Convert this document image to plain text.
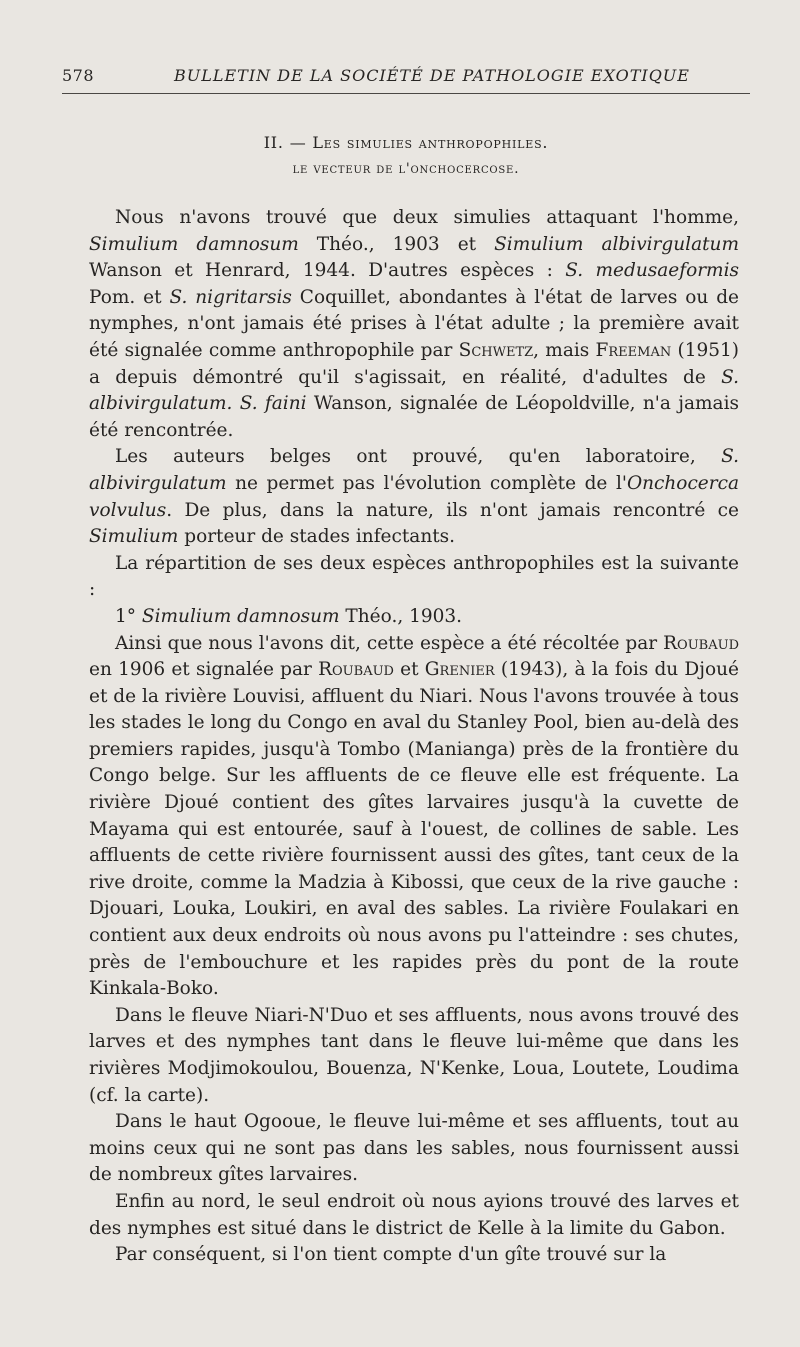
578	BULLETIN DE LA SOCIÉTÉ DE PATHOLOGIE EXOTIQUE
II. — Les simulies anthropophiles.
le vecteur de l'onchocercose.

Nous n'avons trouvé que deux simulies attaquant l'homme, Simulium damnosum Théo., 1903 et Simulium albivirgulatum Wanson et Henrard, 1944. D'autres espèces : S. medusaeformis Pom. et S. nigritarsis Coquillet, abondantes à l'état de larves ou de nymphes, n'ont jamais été prises à l'état adulte ; la première avait été signalée comme anthropophile par Schwetz, mais Freeman (1951) a depuis démontré qu'il s'agissait, en réalité, d'adultes de S. albivirgulatum. S. faini Wanson, signalée de Léopoldville, n'a jamais été rencontrée.

Les auteurs belges ont prouvé, qu'en laboratoire, S. albivirgulatum ne permet pas l'évolution complète de l'Onchocerca volvulus. De plus, dans la nature, ils n'ont jamais rencontré ce Simulium porteur de stades infectants.

La répartition de ses deux espèces anthropophiles est la suivante :

1° Simulium damnosum Théo., 1903.

Ainsi que nous l'avons dit, cette espèce a été récoltée par Roubaud en 1906 et signalée par Roubaud et Grenier (1943), à la fois du Djoué et de la rivière Louvisi, affluent du Niari. Nous l'avons trouvée à tous les stades le long du Congo en aval du Stanley Pool, bien au-delà des premiers rapides, jusqu'à Tombo (Manianga) près de la frontière du Congo belge. Sur les affluents de ce fleuve elle est fréquente. La rivière Djoué contient des gîtes larvaires jusqu'à la cuvette de Mayama qui est entourée, sauf à l'ouest, de collines de sable. Les affluents de cette rivière fournissent aussi des gîtes, tant ceux de la rive droite, comme la Madzia à Kibossi, que ceux de la rive gauche : Djouari, Louka, Loukiri, en aval des sables. La rivière Foulakari en contient aux deux endroits où nous avons pu l'atteindre : ses chutes, près de l'embouchure et les rapides près du pont de la route Kinkala-Boko.

Dans le fleuve Niari-N'Duo et ses affluents, nous avons trouvé des larves et des nymphes tant dans le fleuve lui-même que dans les rivières Modjimokoulou, Bouenza, N'Kenke, Loua, Loutete, Loudima (cf. la carte).

Dans le haut Ogooue, le fleuve lui-même et ses affluents, tout au moins ceux qui ne sont pas dans les sables, nous fournissent aussi de nombreux gîtes larvaires.

Enfin au nord, le seul endroit où nous ayions trouvé des larves et des nymphes est situé dans le district de Kelle à la limite du Gabon.

Par conséquent, si l'on tient compte d'un gîte trouvé sur la
